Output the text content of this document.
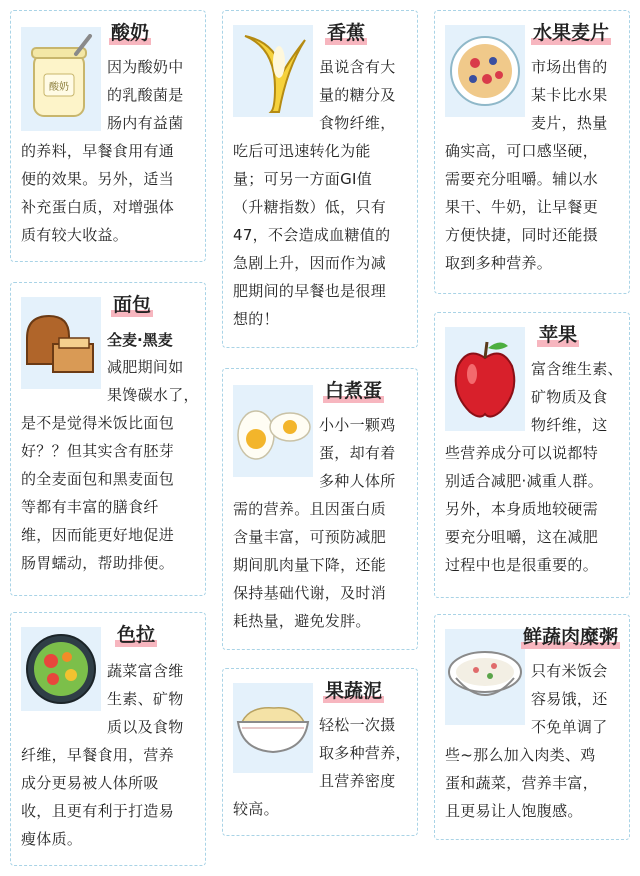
酸奶
酸奶
因为酸奶中
的乳酸菌是
肠内有益菌
的养料，早餐食用有通
便的效果。另外，适当
补充蛋白质，对增强体
质有较大收益。
面包
全麦·黑麦
减肥期间如
果馋碳水了，
是不是觉得米饭比面包
好？？但其实含有胚芽
的全麦面包和黑麦面包
等都有丰富的膳食纤
维，因而能更好地促进
肠胃蠕动，帮助排便。
色拉
蔬菜富含维
生素、矿物
质以及食物
纤维，早餐食用，营养
成分更易被人体所吸
收，且更有利于打造易
瘦体质。
香蕉
虽说含有大
量的糖分及
食物纤维，
吃后可迅速转化为能
量；可另一方面GI值
（升糖指数）低，只有
47，不会造成血糖值的
急剧上升，因而作为减
肥期间的早餐也是很理
想的！
白煮蛋
小小一颗鸡
蛋，却有着
多种人体所
需的营养。且因蛋白质
含量丰富，可预防减肥
期间肌肉量下降，还能
保持基础代谢，及时消
耗热量，避免发胖。
果蔬泥
轻松一次摄
取多种营养，
且营养密度
较高。
水果麦片
市场出售的
某卡比水果
麦片，热量
确实高，可口感坚硬，
需要充分咀嚼。辅以水
果干、牛奶，让早餐更
方便快捷，同时还能摄
取到多种营养。
苹果
富含维生素、
矿物质及食
物纤维，这
些营养成分可以说都特
别适合减肥·减重人群。
另外，本身质地较硬需
要充分咀嚼，这在减肥
过程中也是很重要的。
鲜蔬肉糜粥
只有米饭会
容易饿，还
不免单调了
些~那么加入肉类、鸡
蛋和蔬菜，营养丰富，
且更易让人饱腹感。
